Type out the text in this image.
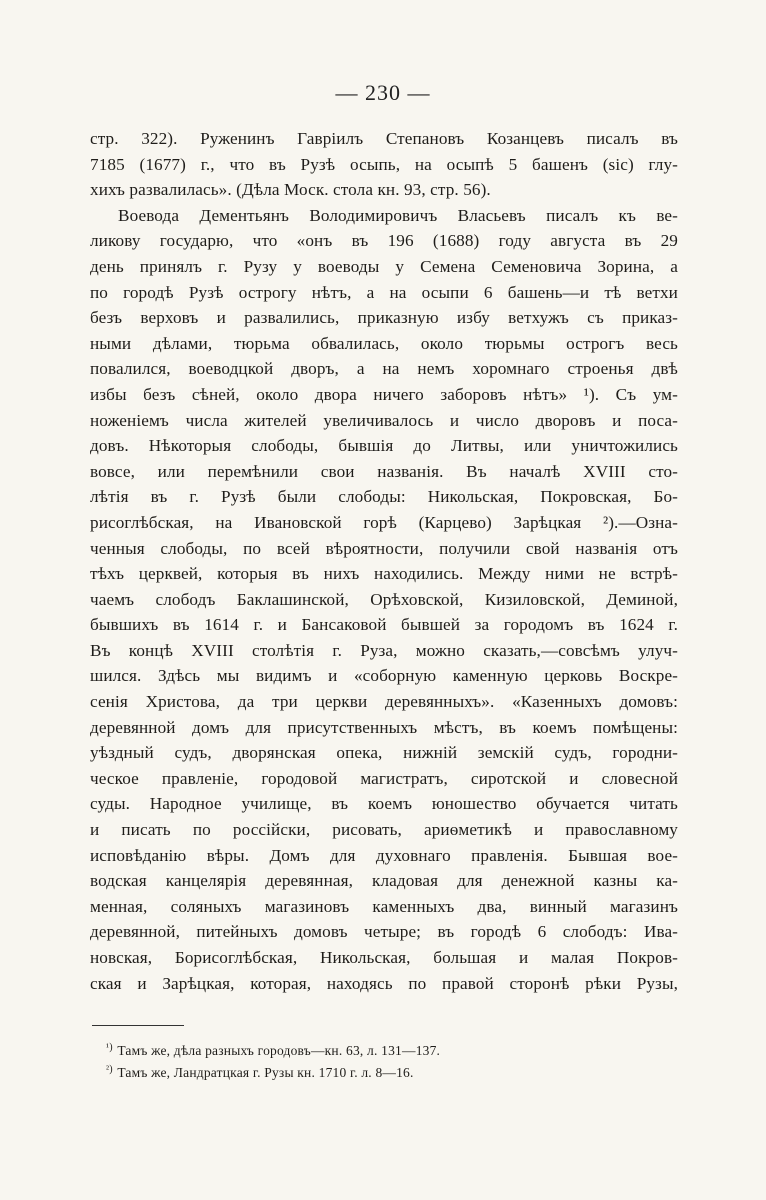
— 230 —
стр. 322). Руженинъ Гавріилъ Степановъ Козанцевъ писалъ въ
7185 (1677) г., что въ Рузѣ осыпь, на осыпѣ 5 башенъ (sic) глу-
хихъ развалилась». (Дѣла Моск. стола кн. 93, стр. 56).
Воевода Дементьянъ Володимировичъ Власьевъ писалъ къ ве-
ликову государю, что «онъ въ 196 (1688) году августа въ 29
день принялъ г. Рузу у воеводы у Семена Семеновича Зорина, а
по городѣ Рузѣ острогу нѣтъ, а на осыпи 6 башень—и тѣ ветхи
безъ верховъ и развалились, приказную избу ветхужъ съ приказ-
ными дѣлами, тюрьма обвалилась, около тюрьмы острогъ весь
повалился, воеводцкой дворъ, а на немъ хоромнаго строенья двѣ
избы безъ сѣней, около двора ничего заборовъ нѣтъ» ¹). Съ ум-
ноженіемъ числа жителей увеличивалось и число дворовъ и поса-
довъ. Нѣкоторыя слободы, бывшія до Литвы, или уничтожились
вовсе, или перемѣнили свои названія. Въ началѣ XVIII сто-
лѣтія въ г. Рузѣ были слободы: Никольская, Покровская, Бо-
рисоглѣбская, на Ивановской горѣ (Карцево) Зарѣцкая ²).—Озна-
ченныя слободы, по всей вѣроятности, получили свой названія отъ
тѣхъ церквей, которыя въ нихъ находились. Между ними не встрѣ-
чаемъ слободъ Баклашинской, Орѣховской, Кизиловской, Деминой,
бывшихъ въ 1614 г. и Бансаковой бывшей за городомъ въ 1624 г.
Въ концѣ XVIII столѣтія г. Руза, можно сказать,—совсѣмъ улуч-
шился. Здѣсь мы видимъ и «соборную каменную церковь Воскре-
сенія Христова, да три церкви деревянныхъ». «Казенныхъ домовъ:
деревянной домъ для присутственныхъ мѣстъ, въ коемъ помѣщены:
уѣздный судъ, дворянская опека, нижній земскій судъ, городни-
ческое правленіе, городовой магистратъ, сиротской и словесной
суды. Народное училище, въ коемъ юношество обучается читать
и писать по россійски, рисовать, ариѳметикѣ и православному
исповѣданію вѣры. Домъ для духовнаго правленія. Бывшая вое-
водская канцелярія деревянная, кладовая для денежной казны ка-
менная, соляныхъ магазиновъ каменныхъ два, винный магазинъ
деревянной, питейныхъ домовъ четыре; въ городѣ 6 слободъ: Ива-
новская, Борисоглѣбская, Никольская, большая и малая Покров-
ская и Зарѣцкая, которая, находясь по правой сторонѣ рѣки Рузы,
$^{^1)}$ Тамъ же, дѣла разныхъ городовъ—кн. 63, л. 131—137.
$^{^2)}$ Тамъ же, Ландратцкая г. Рузы кн. 1710 г. л. 8—16.
